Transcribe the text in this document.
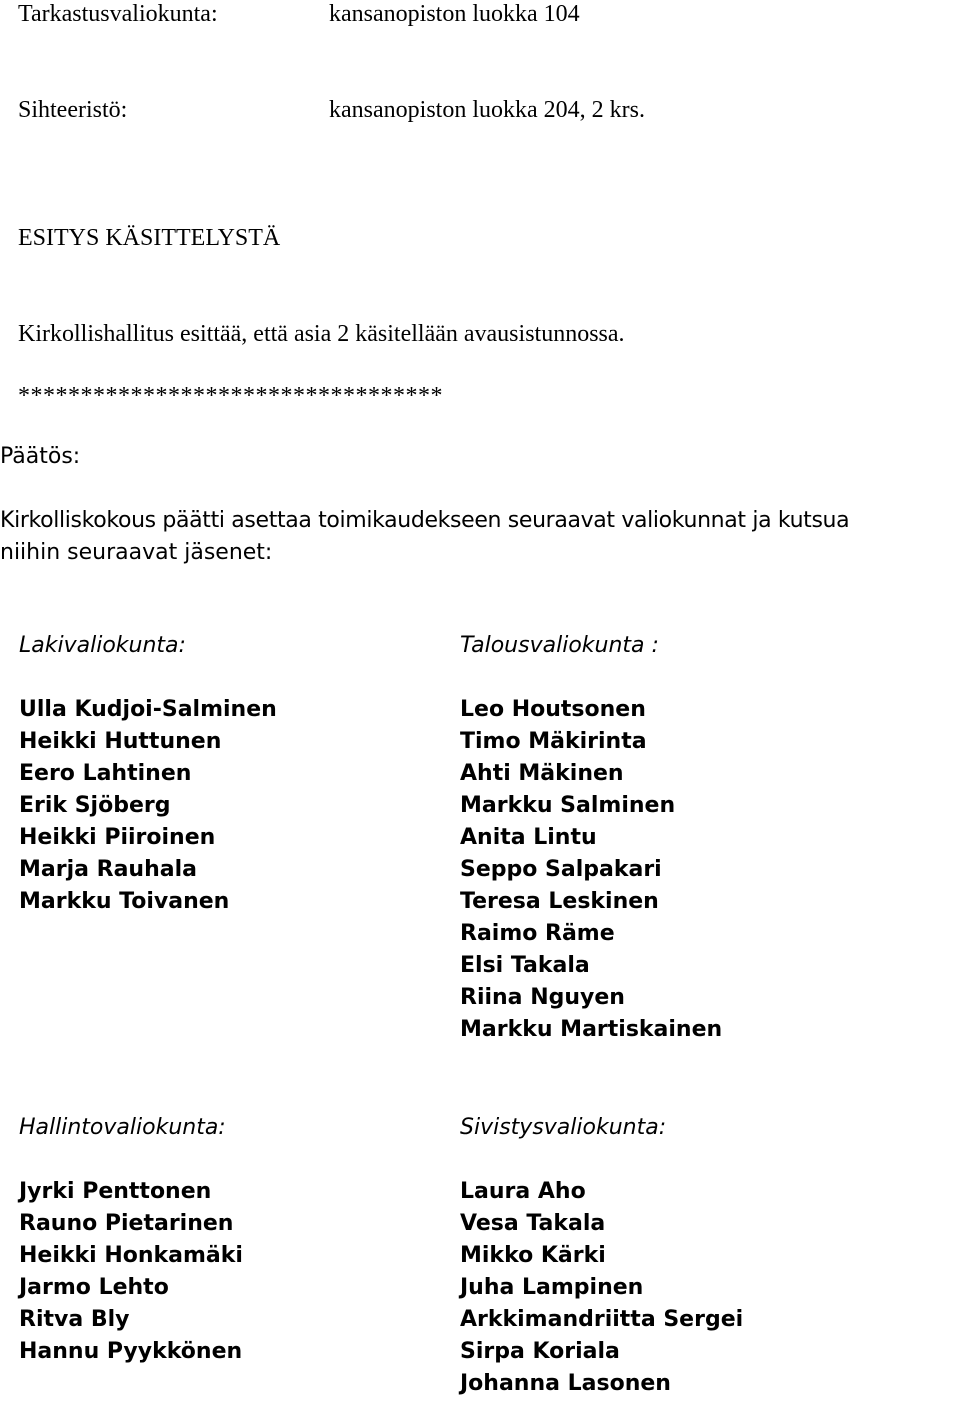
Tarkastusvaliokunta:	kansanopiston luokka 104
Sihteeristö:	kansanopiston luokka 204, 2 krs.
ESITYS KÄSITTELYSTÄ
Kirkollishallitus esittää, että asia 2 käsitellään avausistunnossa.
**********************************
Päätös:
Kirkolliskokous päätti asettaa toimikaudekseen seuraavat valiokunnat ja kutsua
niihin seuraavat jäsenet:
Lakivaliokunta:
Ulla Kudjoi-Salminen
Heikki Huttunen
Eero Lahtinen
Erik Sjöberg
Heikki Piiroinen
Marja Rauhala
Markku Toivanen
Talousvaliokunta :
Leo Houtsonen
Timo Mäkirinta
Ahti Mäkinen
Markku Salminen
Anita Lintu
Seppo Salpakari
Teresa Leskinen
Raimo Räme
Elsi Takala
Riina Nguyen
Markku Martiskainen
Hallintovaliokunta:
Jyrki Penttonen
Rauno Pietarinen
Heikki Honkamäki
Jarmo Lehto
Ritva Bly
Hannu Pyykkönen
Sivistysvaliokunta:
Laura Aho
Vesa Takala
Mikko Kärki
Juha Lampinen
Arkkimandriitta Sergei
Sirpa Koriala
Johanna Lasonen
